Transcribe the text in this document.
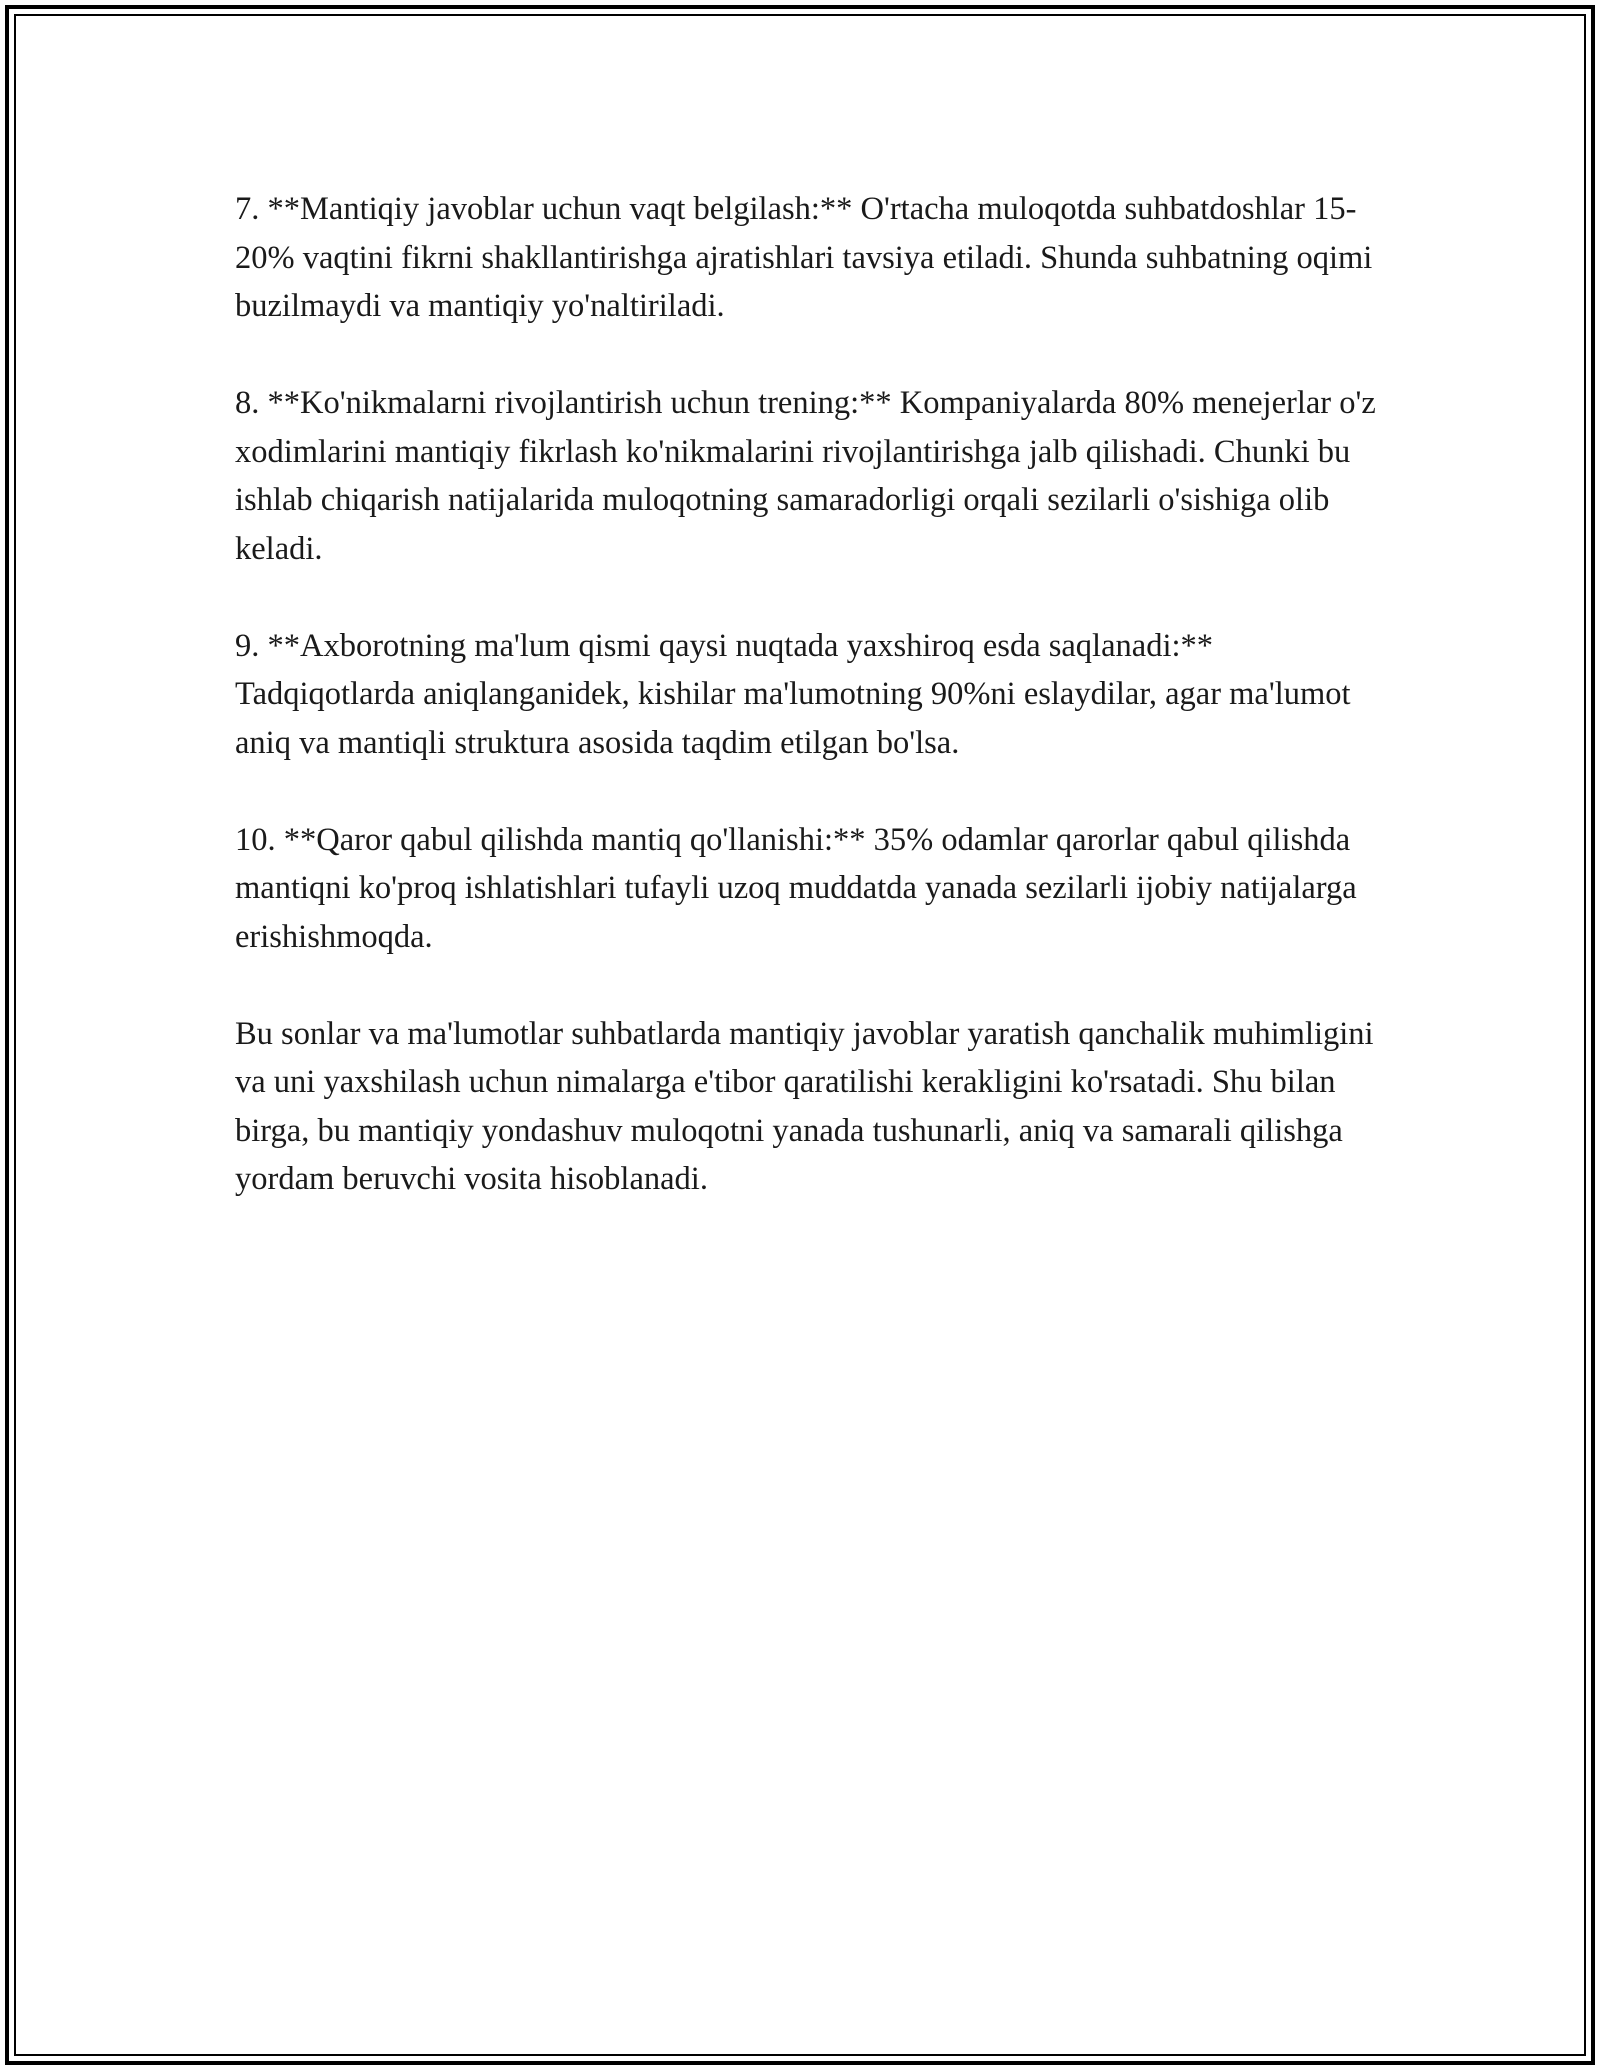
7. **Mantiqiy javoblar uchun vaqt belgilash:** O'rtacha muloqotda suhbatdoshlar 15-20% vaqtini fikrni shakllantirishga ajratishlari tavsiya etiladi. Shunda suhbatning oqimi buzilmaydi va mantiqiy yo'naltiriladi.

8. **Ko'nikmalarni rivojlantirish uchun trening:** Kompaniyalarda 80% menejerlar o'z xodimlarini mantiqiy fikrlash ko'nikmalarini rivojlantirishga jalb qilishadi. Chunki bu ishlab chiqarish natijalarida muloqotning samaradorligi orqali sezilarli o'sishiga olib keladi.

9. **Axborotning ma'lum qismi qaysi nuqtada yaxshiroq esda saqlanadi:** Tadqiqotlarda aniqlanganidek, kishilar ma'lumotning 90%ni eslaydilar, agar ma'lumot aniq va mantiqli struktura asosida taqdim etilgan bo'lsa.

10. **Qaror qabul qilishda mantiq qo'llanishi:** 35% odamlar qarorlar qabul qilishda mantiqni ko'proq ishlatishlari tufayli uzoq muddatda yanada sezilarli ijobiy natijalarga erishishmoqda.

Bu sonlar va ma'lumotlar suhbatlarda mantiqiy javoblar yaratish qanchalik muhimligini va uni yaxshilash uchun nimalarga e'tibor qaratilishi kerakligini ko'rsatadi. Shu bilan birga, bu mantiqiy yondashuv muloqotni yanada tushunarli, aniq va samarali qilishga yordam beruvchi vosita hisoblanadi.
